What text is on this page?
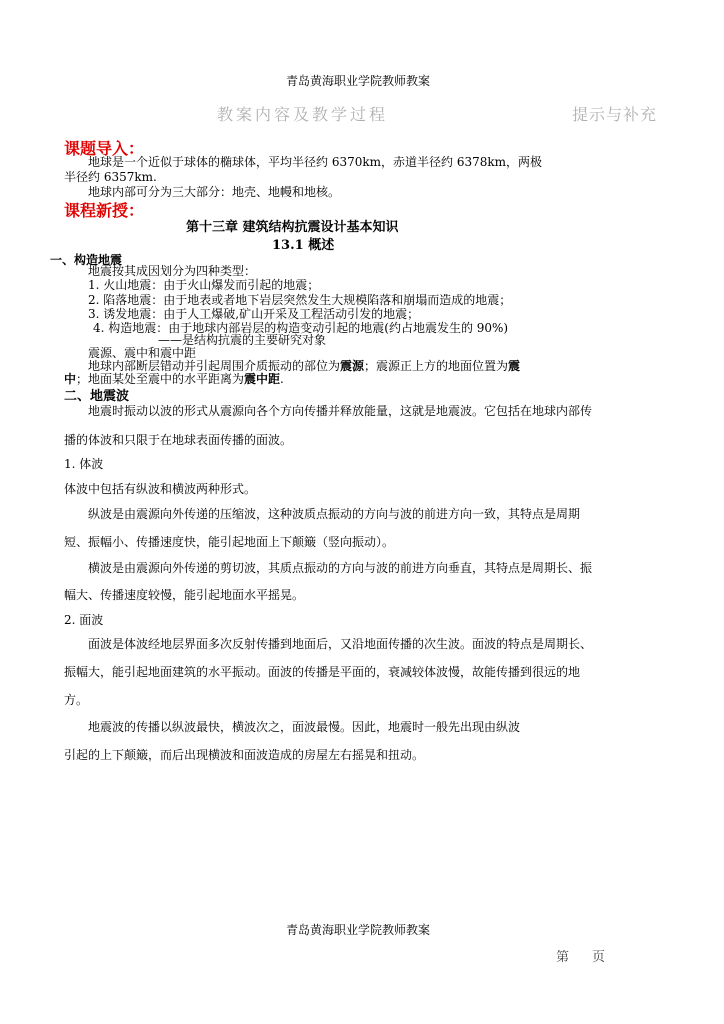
青岛黄海职业学院教师教案
教案内容及教学过程	提示与补充
课题导入：
地球是一个近似于球体的椭球体，平均半径约 6370km，赤道半径约 6378km，两极
半径约 6357km.
地球内部可分为三大部分：地壳、地幔和地核。
课程新授：
第十三章 建筑结构抗震设计基本知识
13.1 概述
一、构造地震
地震按其成因划分为四种类型：
1. 火山地震：由于火山爆发而引起的地震；
2. 陷落地震：由于地表或者地下岩层突然发生大规模陷落和崩塌而造成的地震；
3. 诱发地震：由于人工爆破,矿山开采及工程活动引发的地震；
4. 构造地震：由于地球内部岩层的构造变动引起的地震(约占地震发生的 90%)
——是结构抗震的主要研究对象
震源、震中和震中距
地球内部断层错动并引起周围介质振动的部位为震源；震源正上方的地面位置为震
中；地面某处至震中的水平距离为震中距.
二、地震波
地震时振动以波的形式从震源向各个方向传播并释放能量，这就是地震波。它包括在地球内部传
播的体波和只限于在地球表面传播的面波。
1. 体波
体波中包括有纵波和横波两种形式。
纵波是由震源向外传递的压缩波，这种波质点振动的方向与波的前进方向一致，其特点是周期
短、振幅小、传播速度快，能引起地面上下颠簸（竖向振动）。
横波是由震源向外传递的剪切波，其质点振动的方向与波的前进方向垂直，其特点是周期长、振
幅大、传播速度较慢，能引起地面水平摇晃。
2. 面波
面波是体波经地层界面多次反射传播到地面后，又沿地面传播的次生波。面波的特点是周期长、
振幅大，能引起地面建筑的水平振动。面波的传播是平面的，衰减较体波慢，故能传播到很远的地
方。
地震波的传播以纵波最快，横波次之，面波最慢。因此，地震时一般先出现由纵波
引起的上下颠簸，而后出现横波和面波造成的房屋左右摇晃和扭动。
青岛黄海职业学院教师教案
第 页
